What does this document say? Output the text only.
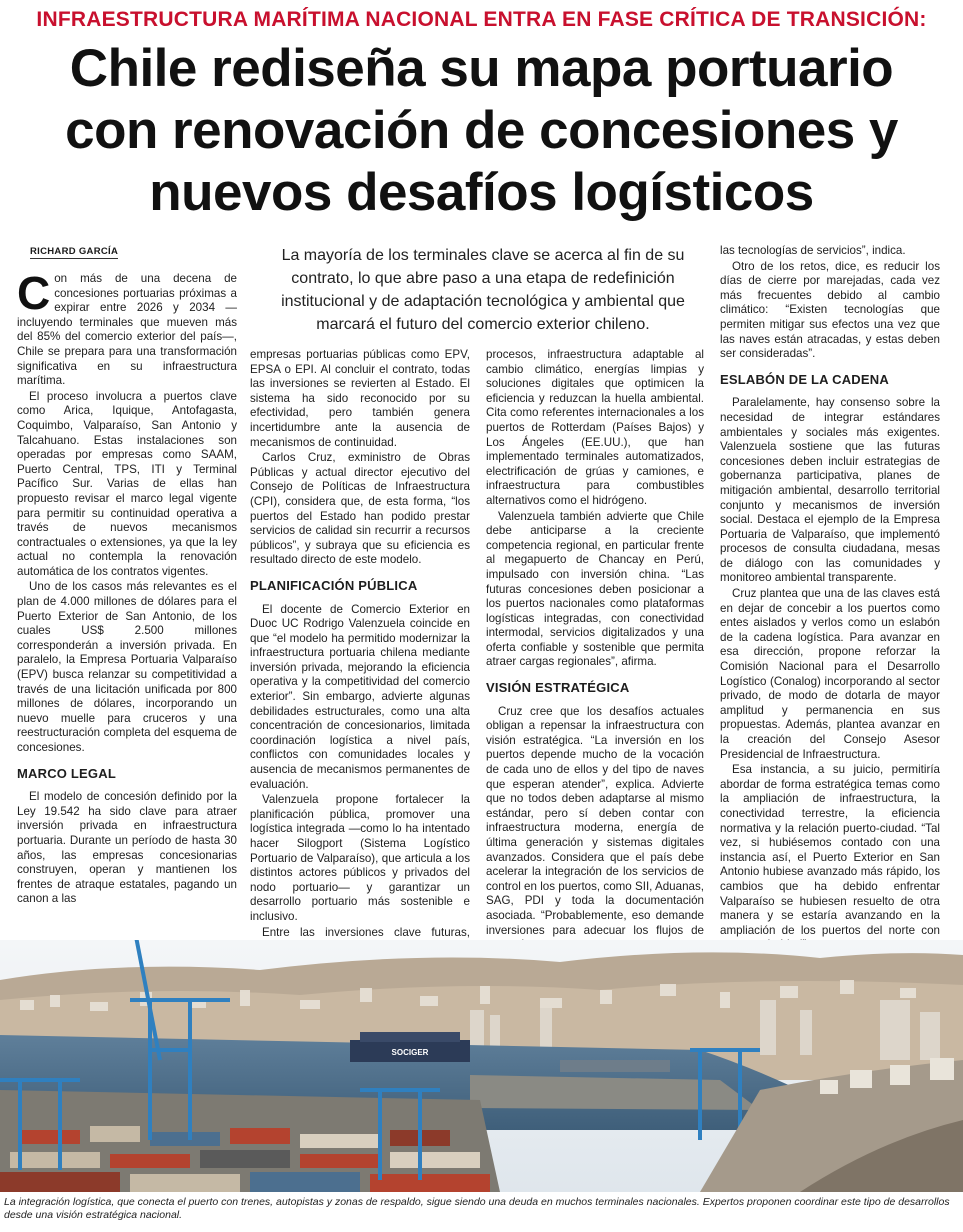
INFRAESTRUCTURA MARÍTIMA NACIONAL ENTRA EN FASE CRÍTICA DE TRANSICIÓN:
Chile rediseña su mapa portuario
con renovación de concesiones y
nuevos desafíos logísticos
RICHARD GARCÍA	La mayoría de los terminales clave se acerca al fin de su contrato, lo que abre paso a una etapa de redefinición institucional y de adaptación tecnológica y ambiental que marcará el futuro del comercio exterior chileno.

Con más de una decena de concesiones portuarias próximas a expirar entre 2026 y 2034 —incluyendo terminales que mueven más del 85% del comercio exterior del país—, Chile se prepara para una transformación significativa en su infraestructura marítima.

El proceso involucra a puertos clave como Arica, Iquique, Antofagasta, Coquimbo, Valparaíso, San Antonio y Talcahuano. Estas instalaciones son operadas por empresas como SAAM, Puerto Central, TPS, ITI y Terminal Pacífico Sur. Varias de ellas han propuesto revisar el marco legal vigente para permitir su continuidad operativa a través de nuevos mecanismos contractuales o extensiones, ya que la ley actual no contempla la renovación automática de los contratos vigentes.

Uno de los casos más relevantes es el plan de 4.000 millones de dólares para el Puerto Exterior de San Antonio, de los cuales US$ 2.500 millones corresponderán a inversión privada. En paralelo, la Empresa Portuaria Valparaíso (EPV) busca relanzar su competitividad a través de una licitación unificada por 800 millones de dólares, incorporando un nuevo muelle para cruceros y una reestructuración completa del esquema de concesiones.

MARCO LEGAL

El modelo de concesión definido por la Ley 19.542 ha sido clave para atraer inversión privada en infraestructura portuaria. Durante un período de hasta 30 años, las empresas concesionarias construyen, operan y mantienen los frentes de atraque estatales, pagando un canon a las

empresas portuarias públicas como EPV, EPSA o EPI. Al concluir el contrato, todas las inversiones se revierten al Estado. El sistema ha sido reconocido por su efectividad, pero también genera incertidumbre ante la ausencia de mecanismos de continuidad.

Carlos Cruz, exministro de Obras Públicas y actual director ejecutivo del Consejo de Políticas de Infraestructura (CPI), considera que, de esta forma, “los puertos del Estado han podido prestar servicios de calidad sin recurrir a recursos públicos”, y subraya que su eficiencia es resultado directo de este modelo.

PLANIFICACIÓN PÚBLICA

El docente de Comercio Exterior en Duoc UC Rodrigo Valenzuela coincide en que “el modelo ha permitido modernizar la infraestructura portuaria chilena mediante inversión privada, mejorando la eficiencia operativa y la competitividad del comercio exterior”. Sin embargo, advierte algunas debilidades estructurales, como una alta concentración de concesionarios, limitada coordinación logística a nivel país, conflictos con comunidades locales y ausencia de mecanismos permanentes de evaluación.

Valenzuela propone fortalecer la planificación pública, promover una logística integrada —como lo ha intentado hacer Silogport (Sistema Logístico Portuario de Valparaíso), que articula a los distintos actores públicos y privados del nodo portuario— y garantizar un desarrollo portuario más sostenible e inclusivo.

Entre las inversiones clave futuras,

procesos, infraestructura adaptable al cambio climático, energías limpias y soluciones digitales que optimicen la eficiencia y reduzcan la huella ambiental. Cita como referentes internacionales a los puertos de Rotterdam (Países Bajos) y Los Ángeles (EE.UU.), que han implementado terminales automatizados, electrificación de grúas y camiones, e infraestructura para combustibles alternativos como el hidrógeno.

Valenzuela también advierte que Chile debe anticiparse a la creciente competencia regional, en particular frente al megapuerto de Chancay en Perú, impulsado con inversión china. “Las futuras concesiones deben posicionar a los puertos nacionales como plataformas logísticas integradas, con conectividad intermodal, servicios digitalizados y una oferta confiable y sostenible que permita atraer cargas regionales”, afirma.

VISIÓN ESTRATÉGICA

Cruz cree que los desafíos actuales obligan a repensar la infraestructura con visión estratégica. “La inversión en los puertos depende mucho de la vocación de cada uno de ellos y del tipo de naves que esperan atender”, explica. Advierte que no todos deben adaptarse al mismo estándar, pero sí deben contar con infraestructura moderna, energía de última generación y sistemas digitales avanzados. Considera que el país debe acelerar la integración de los servicios de control en los puertos, como SII, Aduanas, SAG, PDI y toda la documentación asociada. “Probablemente, eso demande inversiones para adecuar los flujos de

las tecnologías de servicios”, indica.

Otro de los retos, dice, es reducir los días de cierre por marejadas, cada vez más frecuentes debido al cambio climático: “Existen tecnologías que permiten mitigar sus efectos una vez que las naves están atracadas, y estas deben ser consideradas”.

ESLABÓN DE LA CADENA

Paralelamente, hay consenso sobre la necesidad de integrar estándares ambientales y sociales más exigentes. Valenzuela sostiene que las futuras concesiones deben incluir estrategias de gobernanza participativa, planes de mitigación ambiental, desarrollo territorial conjunto y mecanismos de inversión social. Destaca el ejemplo de la Empresa Portuaria de Valparaíso, que implementó procesos de consulta ciudadana, mesas de diálogo con las comunidades y monitoreo ambiental transparente.

Cruz plantea que una de las claves está en dejar de concebir a los puertos como entes aislados y verlos como un eslabón de la cadena logística. Para avanzar en esa dirección, propone reforzar la Comisión Nacional para el Desarrollo Logístico (Conalog) incorporando al sector privado, de modo de dotarla de mayor amplitud y permanencia en sus propuestas. Además, plantea avanzar en la creación del Consejo Asesor Presidencial de Infraestructura.

Esa instancia, a su juicio, permitiría abordar de forma estratégica temas como la ampliación de infraestructura, la conectividad terrestre, la eficiencia normativa y la relación puerto-ciudad. “Tal vez, si hubiésemos contado con una instancia así, el Puerto Exterior en San Antonio hubiese avanzado más rápido, los cambios que ha debido enfrentar Valparaíso se hubiesen resuelto de otra manera y se estaría avanzando en la ampliación de los puertos del norte con

SOCIGER
La integración logística, que conecta el puerto con trenes, autopistas y zonas de respaldo, sigue siendo una deuda en muchos terminales nacionales. Expertos proponen coordinar este tipo de desarrollos desde una visión estratégica nacional.
